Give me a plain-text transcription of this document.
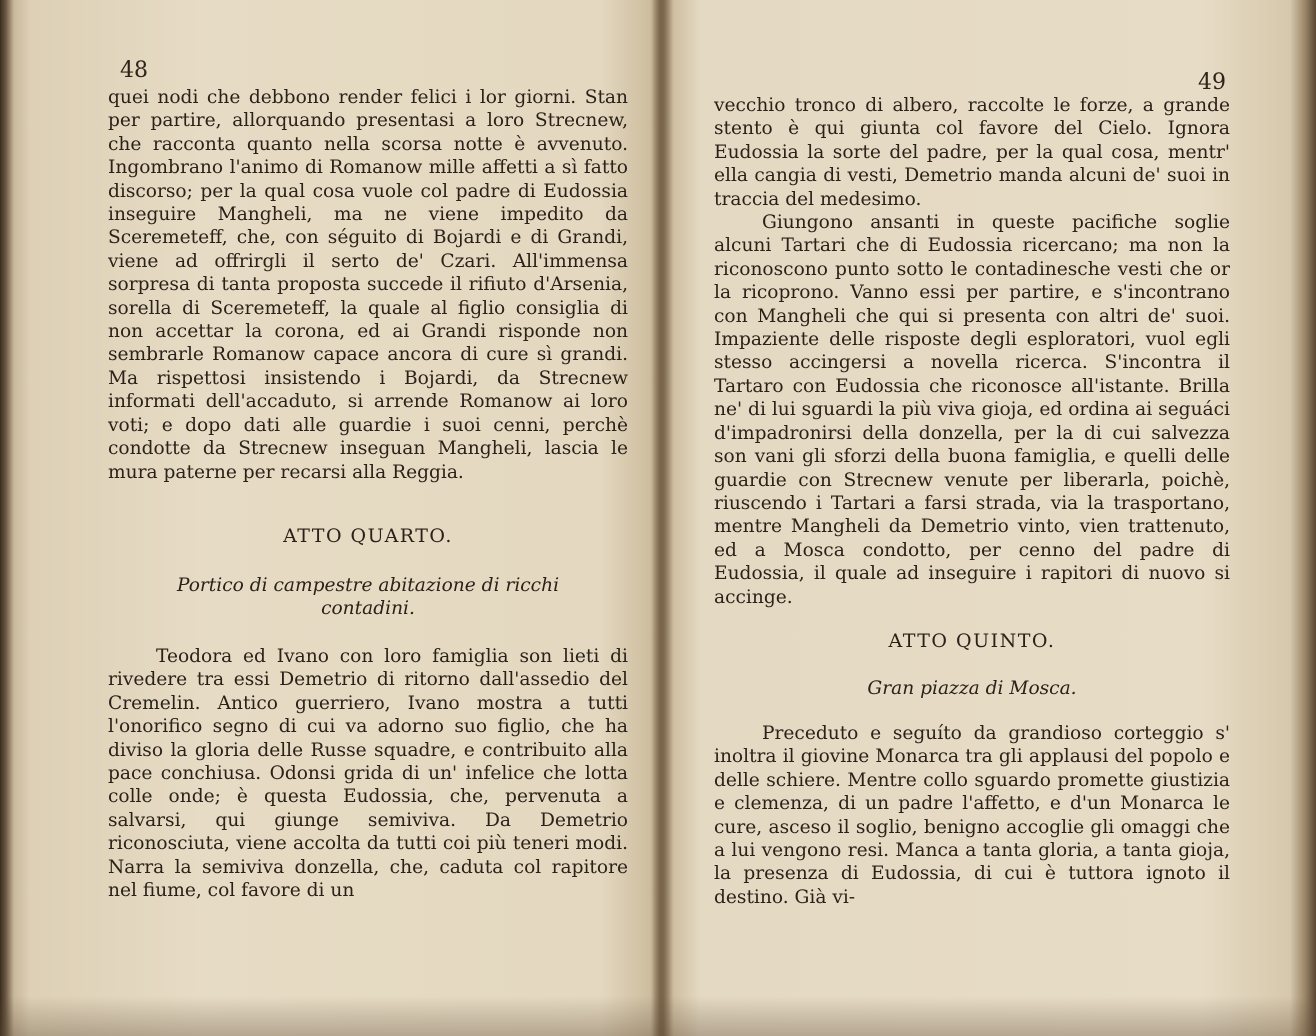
48

quei nodi che debbono render felici i lor giorni. Stan per partire, allorquando presentasi a loro Strecnew, che racconta quanto nella scorsa notte è avvenuto. Ingombrano l'animo di Romanow mille affetti a sì fatto discorso; per la qual cosa vuole col padre di Eudossia inseguire Mangheli, ma ne viene impedito da Sceremeteff, che, con séguito di Bojardi e di Grandi, viene ad offrirgli il serto de' Czari. All'immensa sorpresa di tanta proposta succede il rifiuto d'Arsenia, sorella di Sceremeteff, la quale al figlio consiglia di non accettar la corona, ed ai Grandi risponde non sembrarle Romanow capace ancora di cure sì grandi. Ma rispettosi insistendo i Bojardi, da Strecnew informati dell'accaduto, si arrende Romanow ai loro voti; e dopo dati alle guardie i suoi cenni, perchè condotte da Strecnew inseguan Mangheli, lascia le mura paterne per recarsi alla Reggia.

ATTO QUARTO.
Portico di campestre abitazione di ricchi contadini.

Teodora ed Ivano con loro famiglia son lieti di rivedere tra essi Demetrio di ritorno dall'assedio del Cremelin. Antico guerriero, Ivano mostra a tutti l'onorifico segno di cui va adorno suo figlio, che ha diviso la gloria delle Russe squadre, e contribuito alla pace conchiusa. Odonsi grida di un' infelice che lotta colle onde; è questa Eudossia, che, pervenuta a salvarsi, qui giunge semiviva. Da Demetrio riconosciuta, viene accolta da tutti coi più teneri modi. Narra la semiviva donzella, che, caduta col rapitore nel fiume, col favore di un

49

vecchio tronco di albero, raccolte le forze, a grande stento è qui giunta col favore del Cielo. Ignora Eudossia la sorte del padre, per la qual cosa, mentr' ella cangia di vesti, Demetrio manda alcuni de' suoi in traccia del medesimo.

Giungono ansanti in queste pacifiche soglie alcuni Tartari che di Eudossia ricercano; ma non la riconoscono punto sotto le contadinesche vesti che or la ricoprono. Vanno essi per partire, e s'incontrano con Mangheli che qui si presenta con altri de' suoi. Impaziente delle risposte degli esploratori, vuol egli stesso accingersi a novella ricerca. S'incontra il Tartaro con Eudossia che riconosce all'istante. Brilla ne' di lui sguardi la più viva gioja, ed ordina ai seguáci d'impadronirsi della donzella, per la di cui salvezza son vani gli sforzi della buona famiglia, e quelli delle guardie con Strecnew venute per liberarla, poichè, riuscendo i Tartari a farsi strada, via la trasportano, mentre Mangheli da Demetrio vinto, vien trattenuto, ed a Mosca condotto, per cenno del padre di Eudossia, il quale ad inseguire i rapitori di nuovo si accinge.

ATTO QUINTO.
Gran piazza di Mosca.

Preceduto e seguíto da grandioso corteggio s' inoltra il giovine Monarca tra gli applausi del popolo e delle schiere. Mentre collo sguardo promette giustizia e clemenza, di un padre l'affetto, e d'un Monarca le cure, asceso il soglio, benigno accoglie gli omaggi che a lui vengono resi. Manca a tanta gloria, a tanta gioja, la presenza di Eudossia, di cui è tuttora ignoto il destino. Già vi-
